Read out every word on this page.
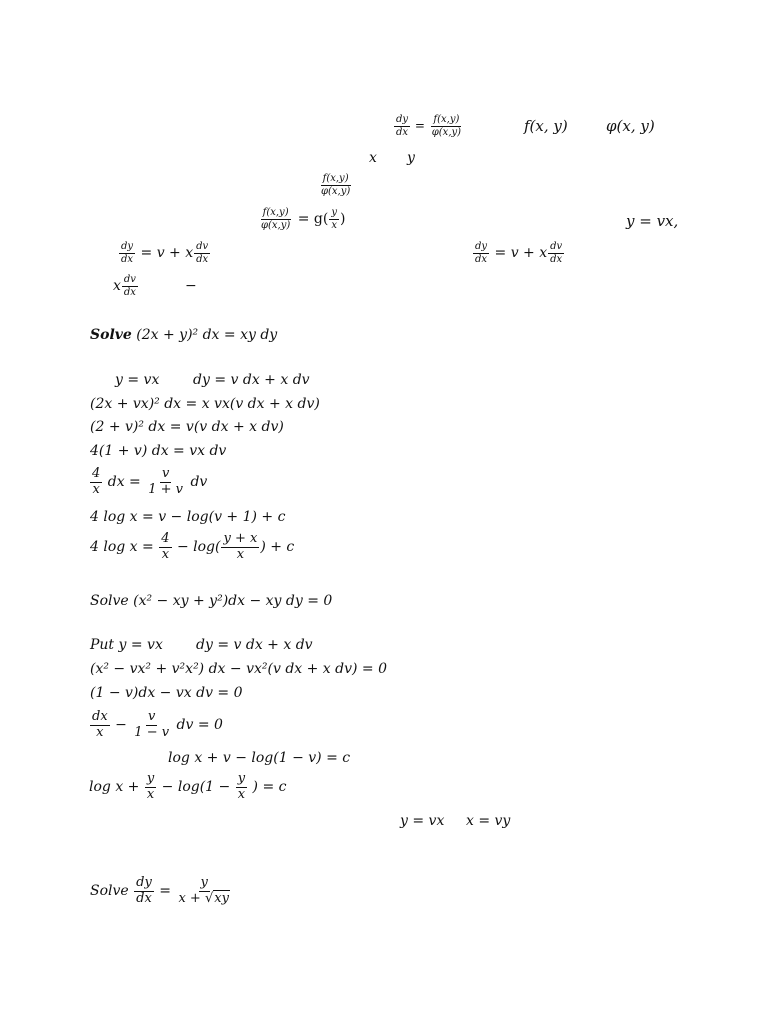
$\frac{dy}{dx} = \frac{f(x,y)}{\varphi(x,y)}$	f(x, y)	φ(x, y)
x y
$\frac{f(x,y)}{\varphi(x,y)}$
$\frac{f(x,y)}{\varphi(x,y)} = g( \frac{y}{x}$ )	y = vx,
$\frac{dy}{dx} = v + x \frac{dv}{dx}$	$\frac{dy}{dx} = v + x \frac{dv}{dx}$
x $\frac{dv}{dx}$	−
Solve (2x + y)² dx = xy dy
y = vx dy = v dx + x dv
(2x + vx)² dx = x vx(v dx + x dv)
(2 + v)² dx = v(v dx + x dv)
4(1 + v) dx = vx dv
$\frac{4}{x}$ dx = $\frac{v}{1 + v}$ dv
4 log x = v − log(v + 1) + c
4 $\log x = \frac{4}{x} - \log( \frac{y + x}{x}$ ) + c
Solve (x² − xy + y²)dx − xy dy = 0
Put y = vx dy = v dx + x dv
(x² − vx² + v²x²) dx − vx²(v dx + x dv) = 0
(1 − v)dx − vx dv = 0
$\frac{dx}{x} - \frac{v}{1 - v}$ dv = 0
log x + v − log(1 − v) = c
$\log x + \frac{y}{x} - \log(1 - \frac{y}{x}$ ) = c
y = vx x = vy
Solve $\frac{dy}{dx} = \frac{y}{x + √xy}$
